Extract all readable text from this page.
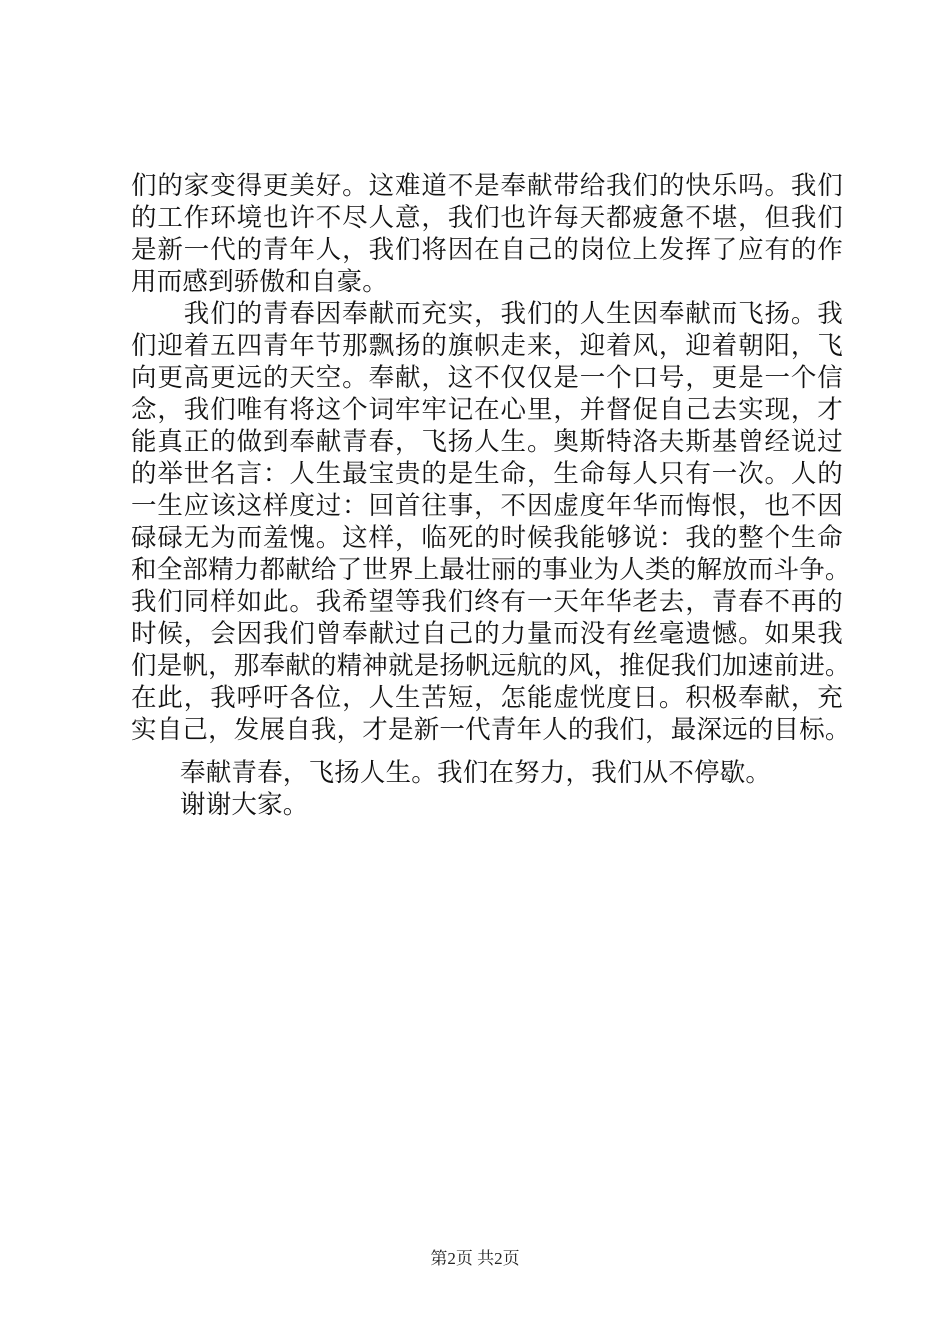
们的家变得更美好。这难道不是奉献带给我们的快乐吗。我们
的工作环境也许不尽人意，我们也许每天都疲惫不堪，但我们
是新一代的青年人，我们将因在自己的岗位上发挥了应有的作
用而感到骄傲和自豪。
　　我们的青春因奉献而充实，我们的人生因奉献而飞扬。我
们迎着五四青年节那飘扬的旗帜走来，迎着风，迎着朝阳，飞
向更高更远的天空。奉献，这不仅仅是一个口号，更是一个信
念，我们唯有将这个词牢牢记在心里，并督促自己去实现，才
能真正的做到奉献青春，飞扬人生。奥斯特洛夫斯基曾经说过
的举世名言：人生最宝贵的是生命，生命每人只有一次。人的
一生应该这样度过：回首往事，不因虚度年华而悔恨，也不因
碌碌无为而羞愧。这样，临死的时候我能够说：我的整个生命
和全部精力都献给了世界上最壮丽的事业为人类的解放而斗争。
我们同样如此。我希望等我们终有一天年华老去，青春不再的
时候，会因我们曾奉献过自己的力量而没有丝毫遗憾。如果我
们是帆，那奉献的精神就是扬帆远航的风，推促我们加速前进。
在此，我呼吁各位，人生苦短，怎能虚恍度日。积极奉献，充
实自己，发展自我，才是新一代青年人的我们，最深远的目标。
奉献青春，飞扬人生。我们在努力，我们从不停歇。
谢谢大家。
第2页 共2页
